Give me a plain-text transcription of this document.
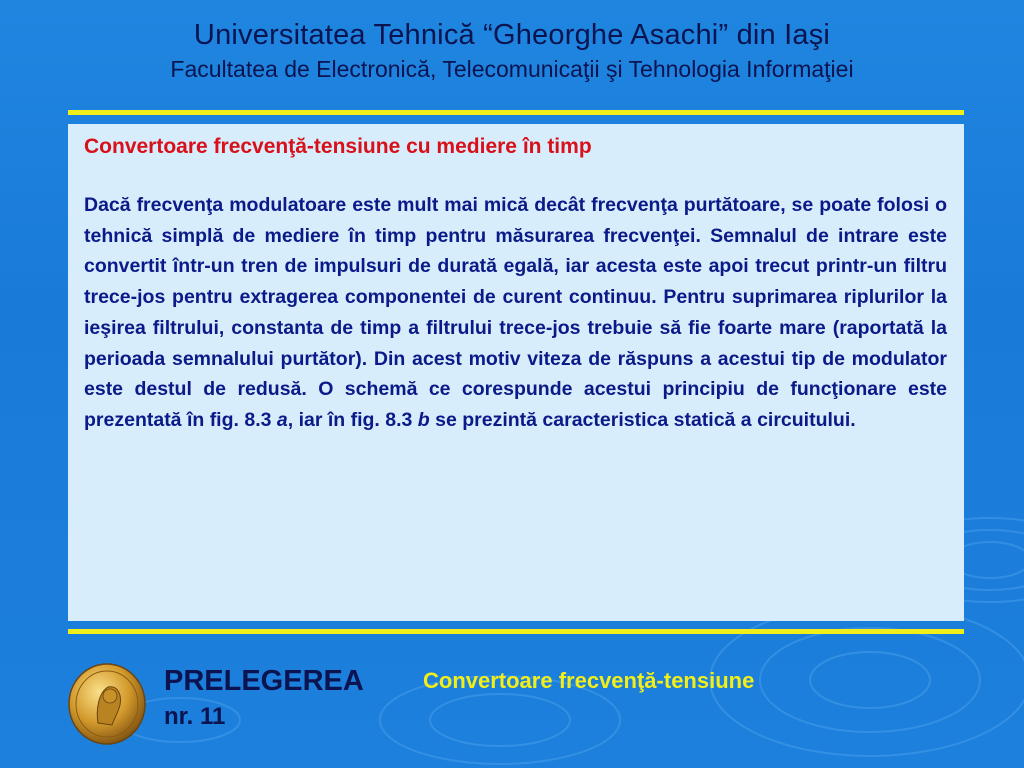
Universitatea Tehnică “Gheorghe Asachi” din Iaşi
Facultatea de Electronică, Telecomunicaţii şi Tehnologia Informaţiei

Convertoare frecvenţă-tensiune cu mediere în timp

Dacă frecvenţa modulatoare este mult mai mică decât frecvenţa purtătoare, se poate folosi o tehnică simplă de mediere în timp pentru măsurarea frecvenţei. Semnalul de intrare este convertit într-un tren de impulsuri de durată egală, iar acesta este apoi trecut printr-un filtru trece-jos pentru extragerea componentei de curent continuu. Pentru suprimarea riplurilor la ieşirea filtrului, constanta de timp a filtrului trece-jos trebuie să fie foarte mare (raportată la perioada semnalului purtător). Din acest motiv viteza de răspuns a acestui tip de modulator este destul de redusă. O schemă ce corespunde acestui principiu de funcţionare este prezentată în fig. 8.3 a, iar în fig. 8.3 b se prezintă caracteristica statică a circuitului.

PRELEGEREA
nr. 11
Convertoare frecvenţă-tensiune
